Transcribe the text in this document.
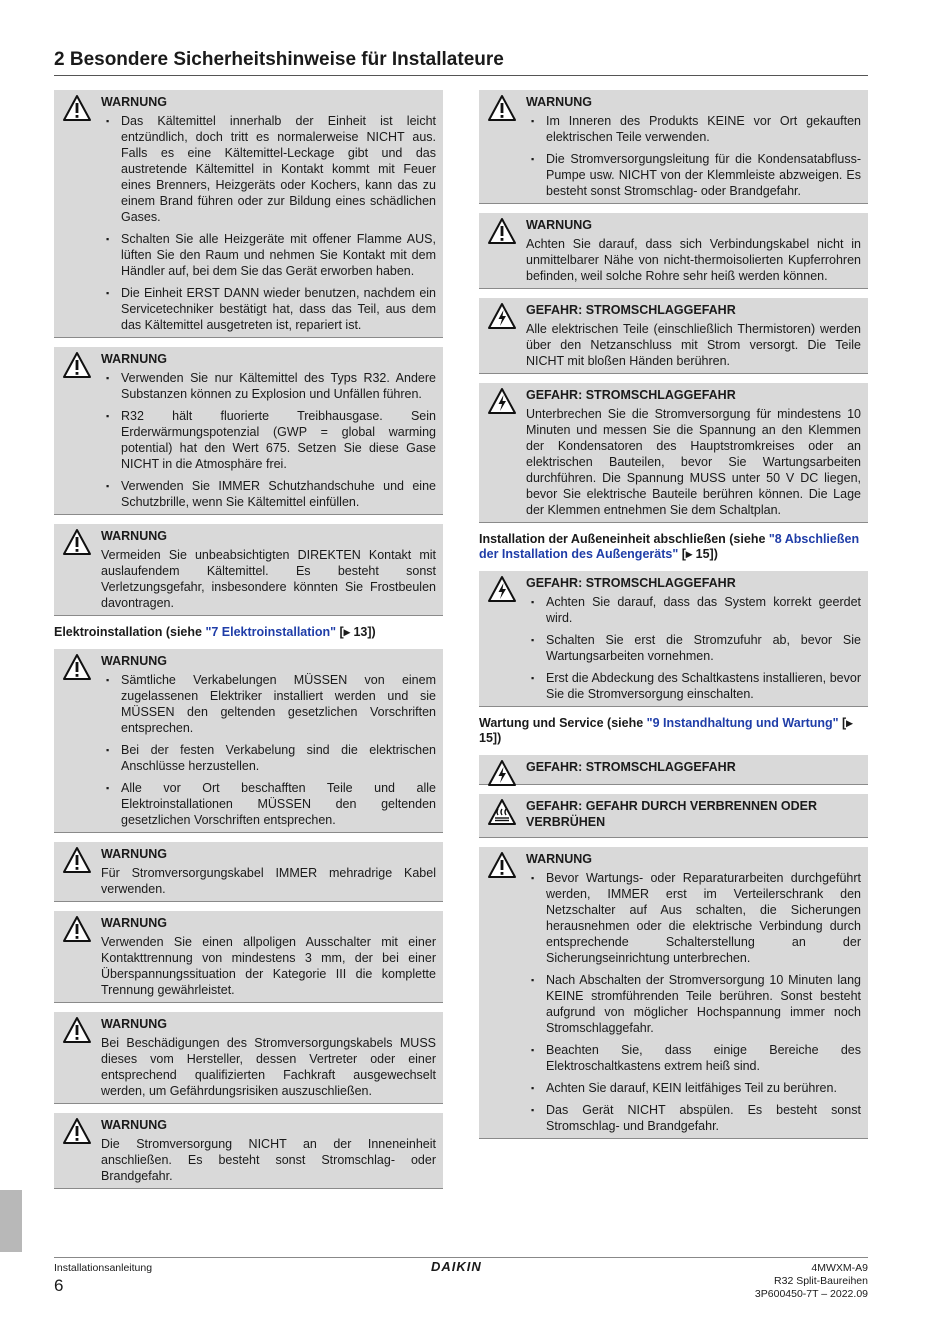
2 Besondere Sicherheitshinweise für Installateure
WARNUNG
▪ Das Kältemittel innerhalb der Einheit ist leicht entzündlich, doch tritt es normalerweise NICHT aus. Falls es eine Kältemittel-Leckage gibt und das austretende Kältemittel in Kontakt kommt mit Feuer eines Brenners, Heizgeräts oder Kochers, kann das zu einem Brand führen oder zur Bildung eines schädlichen Gases.
▪ Schalten Sie alle Heizgeräte mit offener Flamme AUS, lüften Sie den Raum und nehmen Sie Kontakt mit dem Händler auf, bei dem Sie das Gerät erworben haben.
▪ Die Einheit ERST DANN wieder benutzen, nachdem ein Servicetechniker bestätigt hat, dass das Teil, aus dem das Kältemittel ausgetreten ist, repariert ist.
WARNUNG
▪ Verwenden Sie nur Kältemittel des Typs R32. Andere Substanzen können zu Explosion und Unfällen führen.
▪ R32 hält fluorierte Treibhausgase. Sein Erderwärmungspotenzial (GWP = global warming potential) hat den Wert 675. Setzen Sie diese Gase NICHT in die Atmosphäre frei.
▪ Verwenden Sie IMMER Schutzhandschuhe und eine Schutzbrille, wenn Sie Kältemittel einfüllen.
WARNUNG

Vermeiden Sie unbeabsichtigten DIREKTEN Kontakt mit auslaufendem Kältemittel. Es besteht sonst Verletzungsgefahr, insbesondere könnten Sie Frostbeulen davontragen.

Elektroinstallation (siehe "7 Elektroinstallation" [▸ 13])
WARNUNG
▪ Sämtliche Verkabelungen MÜSSEN von einem zugelassenen Elektriker installiert werden und sie MÜSSEN den geltenden gesetzlichen Vorschriften entsprechen.
▪ Bei der festen Verkabelung sind die elektrischen Anschlüsse herzustellen.
▪ Alle vor Ort beschafften Teile und alle Elektroinstallationen MÜSSEN den geltenden gesetzlichen Vorschriften entsprechen.
WARNUNG

Für Stromversorgungskabel IMMER mehradrige Kabel verwenden.

WARNUNG

Verwenden Sie einen allpoligen Ausschalter mit einer Kontakttrennung von mindestens 3 mm, der bei einer Überspannungssituation der Kategorie III die komplette Trennung gewährleistet.

WARNUNG

Bei Beschädigungen des Stromversorgungskabels MUSS dieses vom Hersteller, dessen Vertreter oder einer entsprechend qualifizierten Fachkraft ausgewechselt werden, um Gefährdungsrisiken auszuschließen.

WARNUNG

Die Stromversorgung NICHT an der Inneneinheit anschließen. Es besteht sonst Stromschlag- oder Brandgefahr.

WARNUNG
▪ Im Inneren des Produkts KEINE vor Ort gekauften elektrischen Teile verwenden.
▪ Die Stromversorgungsleitung für die Kondensatabfluss-Pumpe usw. NICHT von der Klemmleiste abzweigen. Es besteht sonst Stromschlag- oder Brandgefahr.
WARNUNG

Achten Sie darauf, dass sich Verbindungskabel nicht in unmittelbarer Nähe von nicht-thermoisolierten Kupferrohren befinden, weil solche Rohre sehr heiß werden können.

GEFAHR: STROMSCHLAGGEFAHR

Alle elektrischen Teile (einschließlich Thermistoren) werden über den Netzanschluss mit Strom versorgt. Die Teile NICHT mit bloßen Händen berühren.

GEFAHR: STROMSCHLAGGEFAHR

Unterbrechen Sie die Stromversorgung für mindestens 10 Minuten und messen Sie die Spannung an den Klemmen der Kondensatoren des Hauptstromkreises oder an elektrischen Bauteilen, bevor Sie Wartungsarbeiten durchführen. Die Spannung MUSS unter 50 V DC liegen, bevor Sie elektrische Bauteile berühren können. Die Lage der Klemmen entnehmen Sie dem Schaltplan.

Installation der Außeneinheit abschließen (siehe "8 Abschließen der Installation des Außengeräts" [▸ 15])
GEFAHR: STROMSCHLAGGEFAHR
▪ Achten Sie darauf, dass das System korrekt geerdet wird.
▪ Schalten Sie erst die Stromzufuhr ab, bevor Sie Wartungsarbeiten vornehmen.
▪ Erst die Abdeckung des Schaltkastens installieren, bevor Sie die Stromversorgung einschalten.
Wartung und Service (siehe "9 Instandhaltung und Wartung" [▸ 15])
GEFAHR: STROMSCHLAGGEFAHR
GEFAHR: GEFAHR DURCH VERBRENNEN ODER VERBRÜHEN
WARNUNG
▪ Bevor Wartungs- oder Reparaturarbeiten durchgeführt werden, IMMER erst im Verteilerschrank den Netzschalter auf Aus schalten, die Sicherungen herausnehmen oder die elektrische Verbindung durch entsprechende Schalterstellung an der Sicherungseinrichtung unterbrechen.
▪ Nach Abschalten der Stromversorgung 10 Minuten lang KEINE stromführenden Teile berühren. Sonst besteht aufgrund von möglicher Hochspannung immer noch Stromschlaggefahr.
▪ Beachten Sie, dass einige Bereiche des Elektroschaltkastens extrem heiß sind.
▪ Achten Sie darauf, KEIN leitfähiges Teil zu berühren.
▪ Das Gerät NICHT abspülen. Es besteht sonst Stromschlag- und Brandgefahr.
Installationsanleitung
6
DAIKIN	4MWXM-A9
R32 Split-Baureihen
3P600450-7T – 2022.09
